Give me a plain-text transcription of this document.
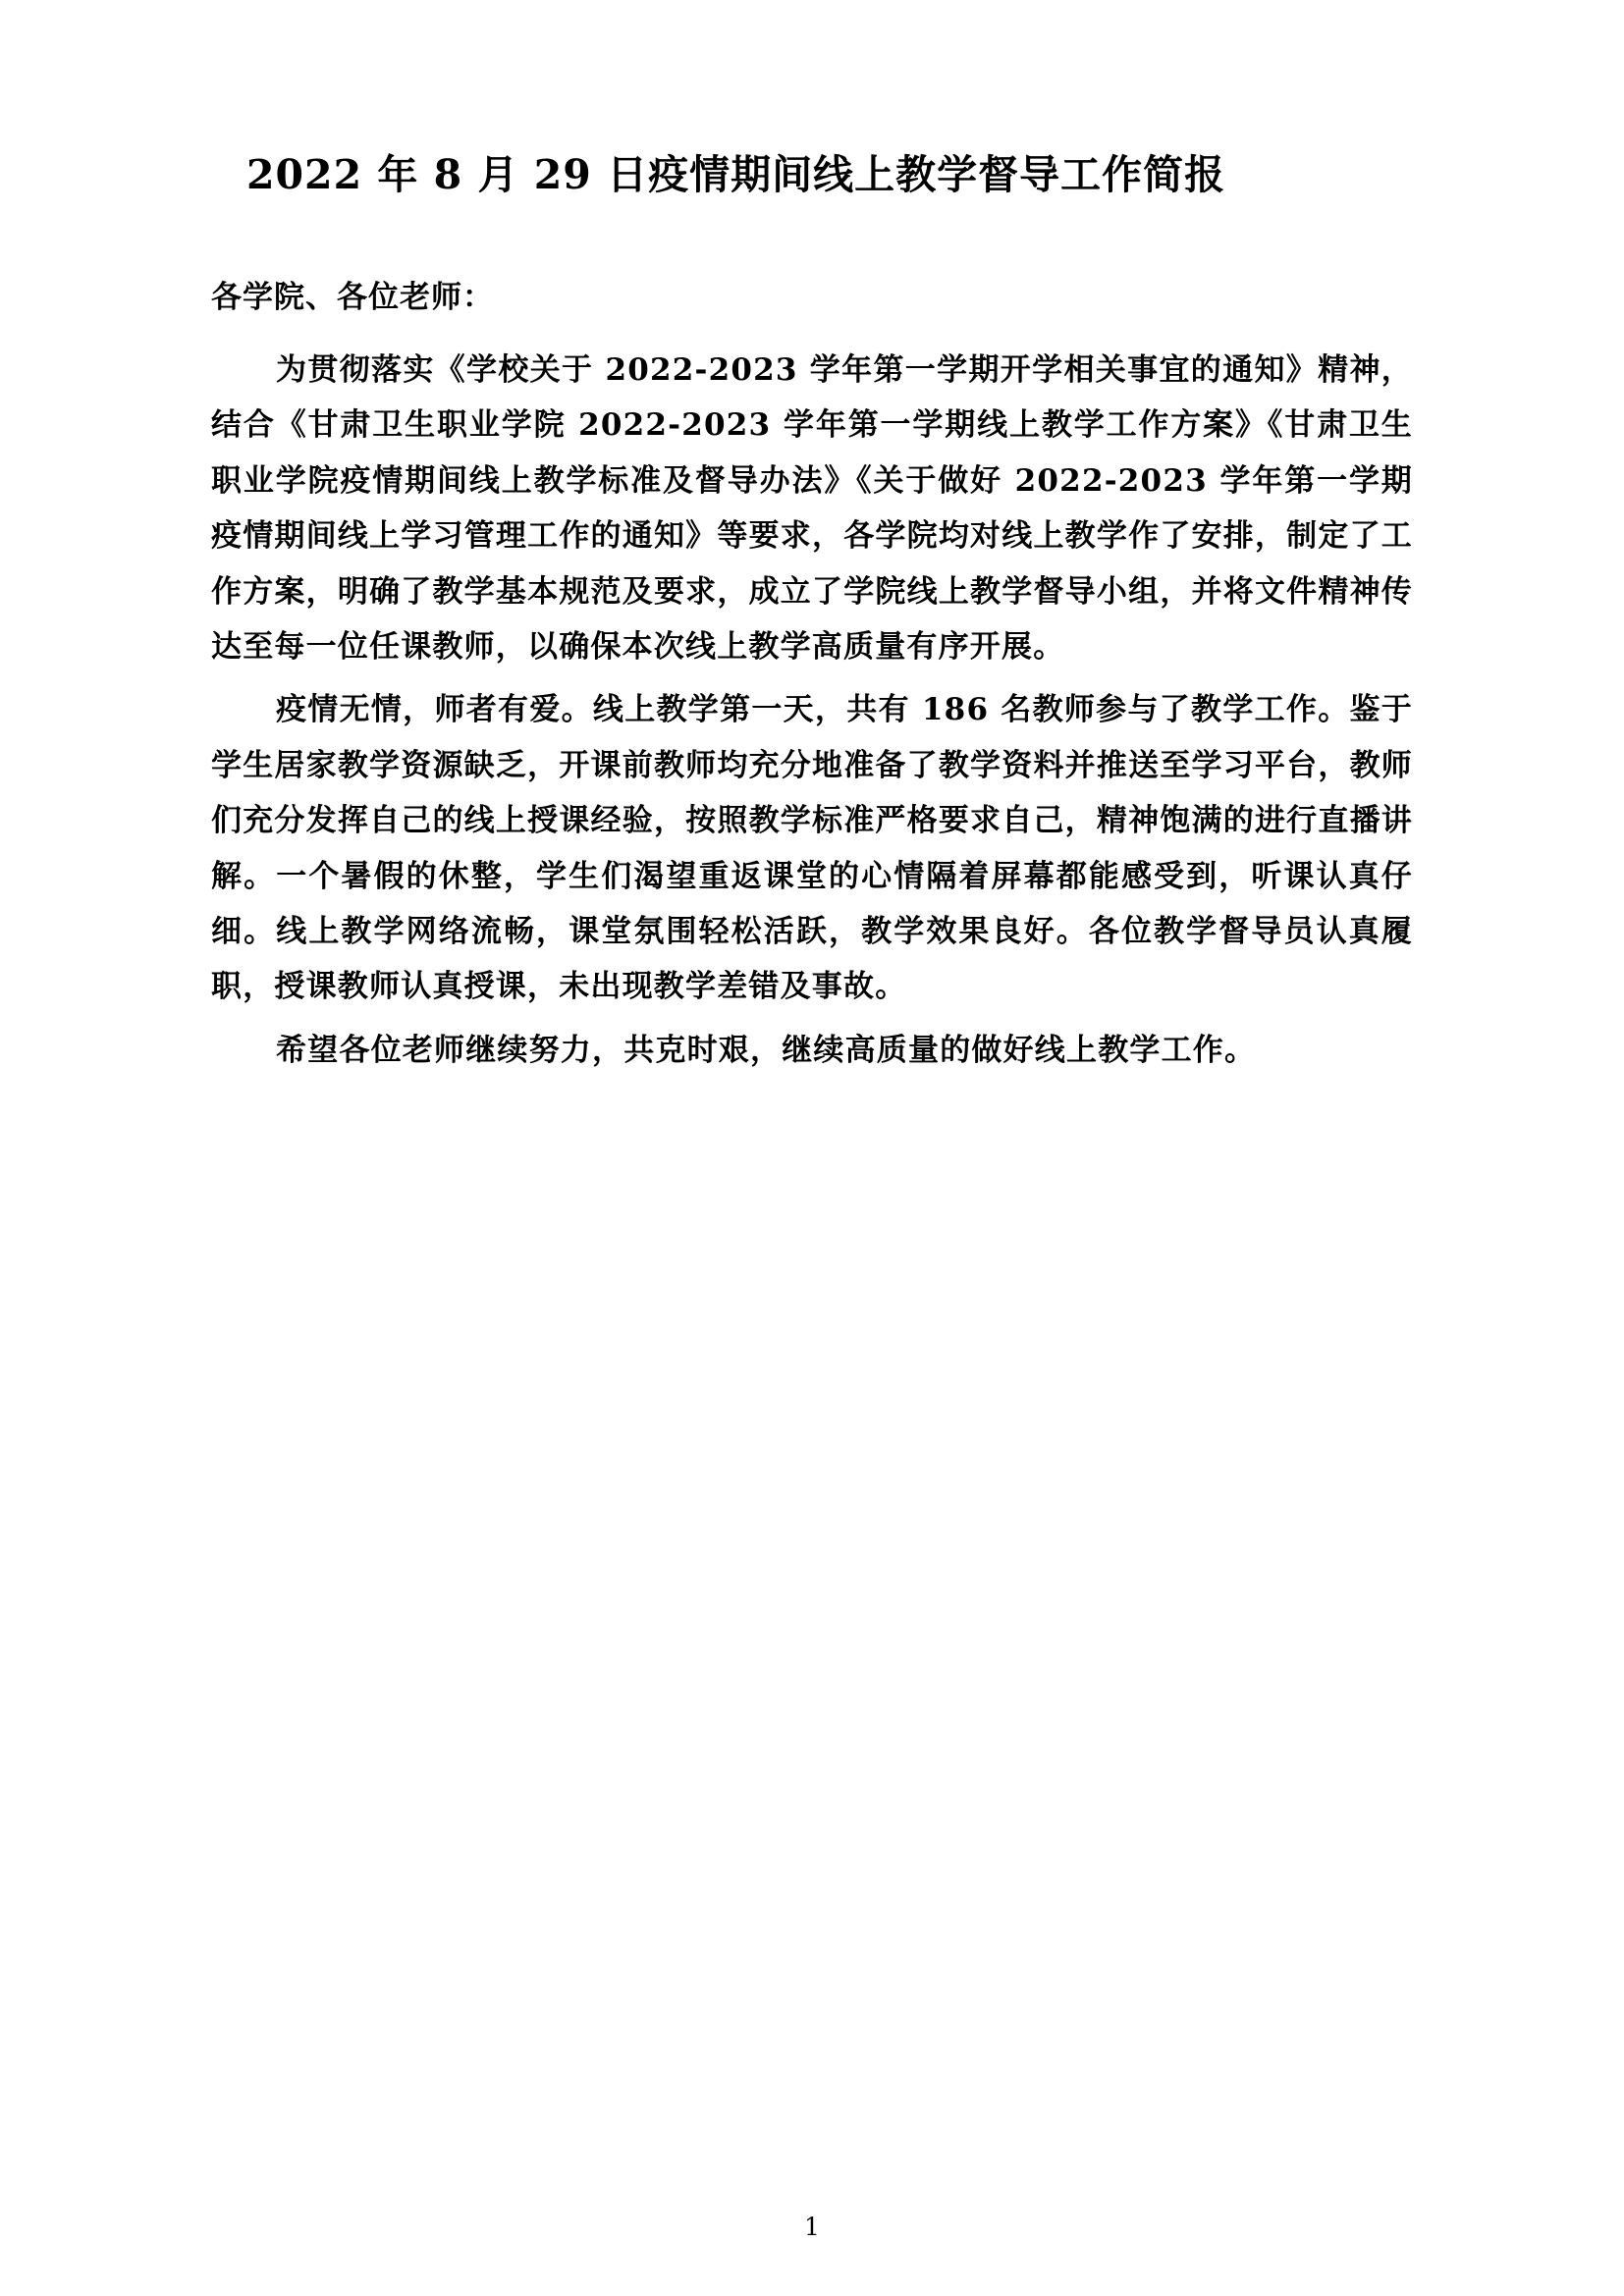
2022 年 8 月 29 日疫情期间线上教学督导工作简报

各学院、各位老师：

为贯彻落实《学校关于 2022-2023 学年第一学期开学相关事宜的通知》精神，结合《甘肃卫生职业学院 2022-2023 学年第一学期线上教学工作方案》《甘肃卫生职业学院疫情期间线上教学标准及督导办法》《关于做好 2022-2023 学年第一学期疫情期间线上学习管理工作的通知》等要求，各学院均对线上教学作了安排，制定了工作方案，明确了教学基本规范及要求，成立了学院线上教学督导小组，并将文件精神传达至每一位任课教师，以确保本次线上教学高质量有序开展。

疫情无情，师者有爱。线上教学第一天，共有 186 名教师参与了教学工作。鉴于学生居家教学资源缺乏，开课前教师均充分地准备了教学资料并推送至学习平台，教师们充分发挥自己的线上授课经验，按照教学标准严格要求自己，精神饱满的进行直播讲解。一个暑假的休整，学生们渴望重返课堂的心情隔着屏幕都能感受到，听课认真仔细。线上教学网络流畅，课堂氛围轻松活跃，教学效果良好。各位教学督导员认真履职，授课教师认真授课，未出现教学差错及事故。

希望各位老师继续努力，共克时艰，继续高质量的做好线上教学工作。

1
